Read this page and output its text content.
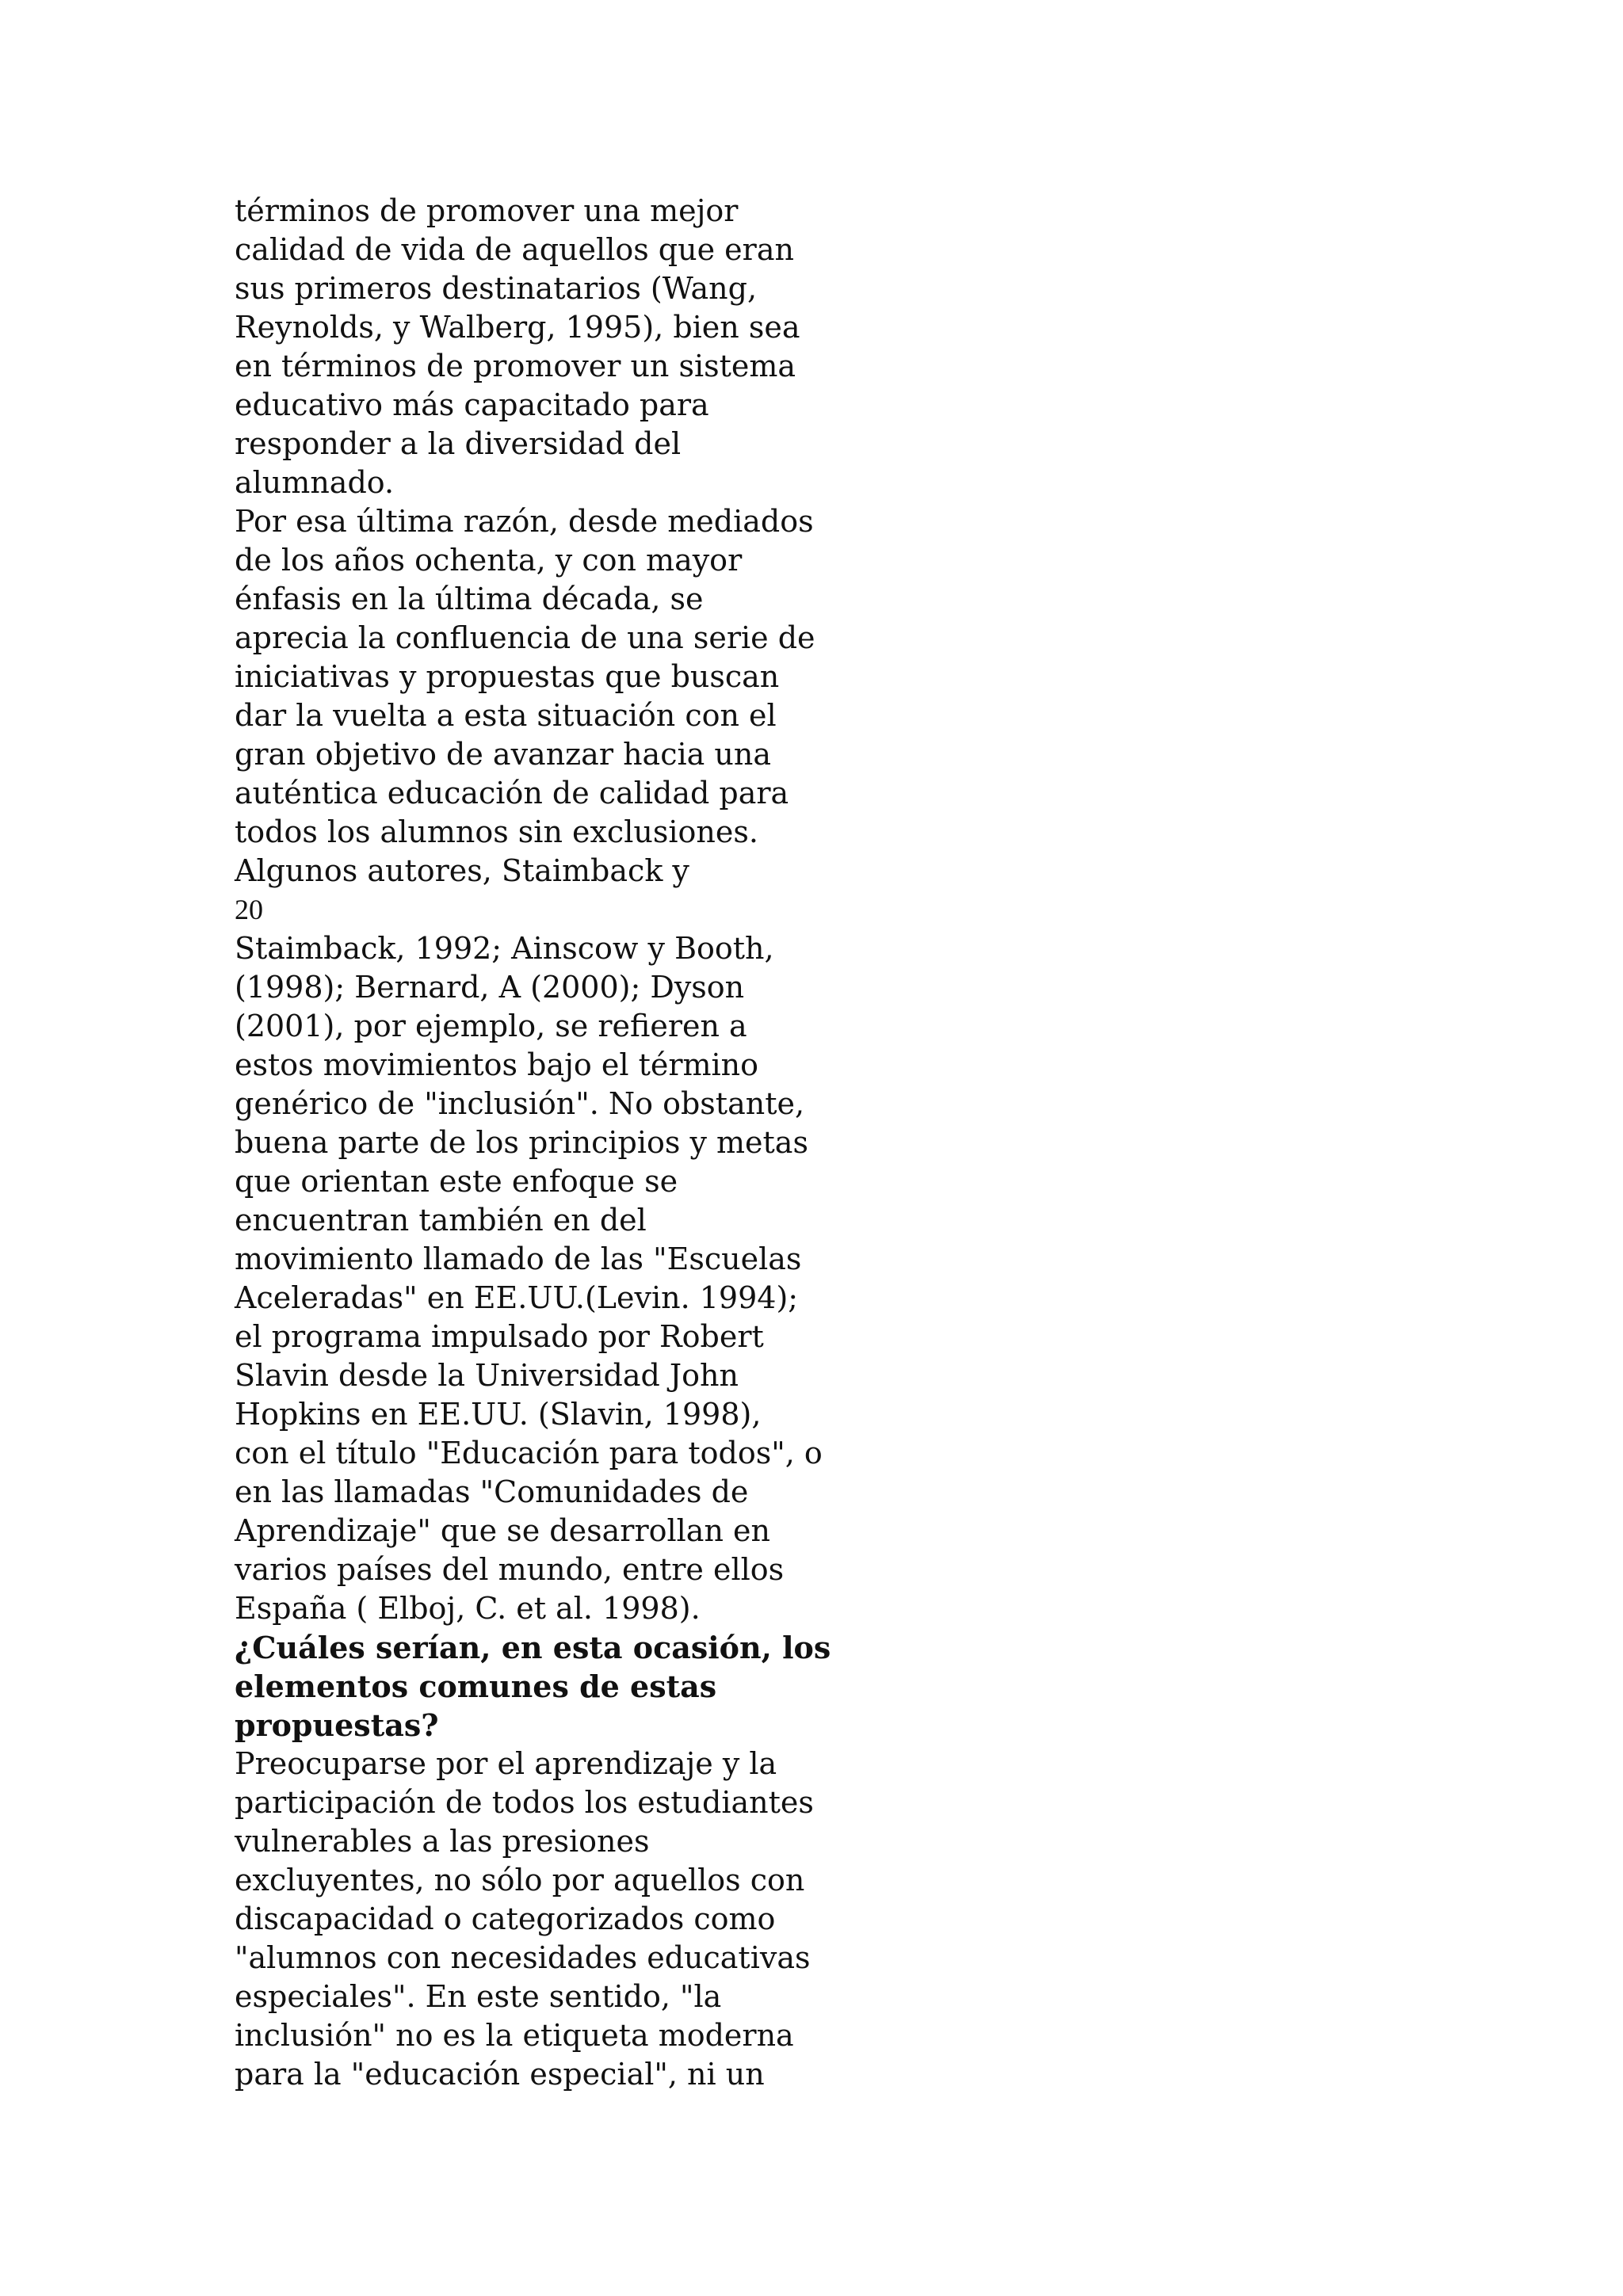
términos de promover una mejor
calidad de vida de aquellos que eran
sus primeros destinatarios (Wang,
Reynolds, y Walberg, 1995), bien sea
en términos de promover un sistema
educativo más capacitado para
responder a la diversidad del
alumnado.
Por esa última razón, desde mediados
de los años ochenta, y con mayor
énfasis en la última década, se
aprecia la confluencia de una serie de
iniciativas y propuestas que buscan
dar la vuelta a esta situación con el
gran objetivo de avanzar hacia una
auténtica educación de calidad para
todos los alumnos sin exclusiones.
Algunos autores, Staimback y
20
Staimback, 1992; Ainscow y Booth,
(1998); Bernard, A (2000); Dyson
(2001), por ejemplo, se refieren a
estos movimientos bajo el término
genérico de "inclusión". No obstante,
buena parte de los principios y metas
que orientan este enfoque se
encuentran también en del
movimiento llamado de las "Escuelas
Aceleradas" en EE.UU.(Levin. 1994);
el programa impulsado por Robert
Slavin desde la Universidad John
Hopkins en EE.UU. (Slavin, 1998),
con el título "Educación para todos", o
en las llamadas "Comunidades de
Aprendizaje" que se desarrollan en
varios países del mundo, entre ellos
España ( Elboj, C. et al. 1998).
¿Cuáles serían, en esta ocasión, los
elementos comunes de estas
propuestas?
Preocuparse por el aprendizaje y la
participación de todos los estudiantes
vulnerables a las presiones
excluyentes, no sólo por aquellos con
discapacidad o categorizados como
"alumnos con necesidades educativas
especiales". En este sentido, "la
inclusión" no es la etiqueta moderna
para la "educación especial", ni un
